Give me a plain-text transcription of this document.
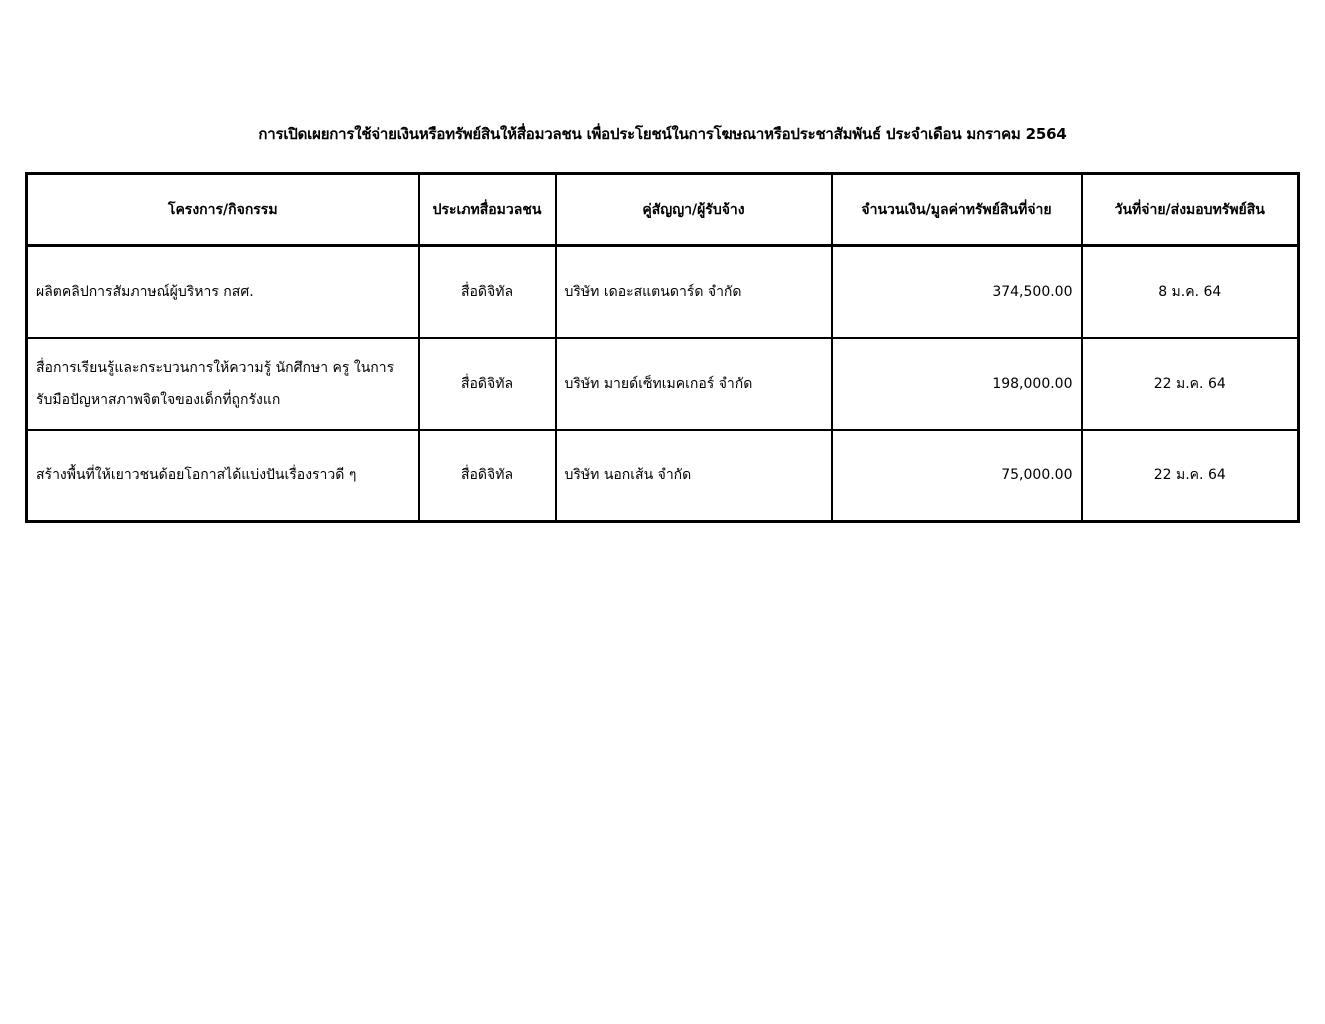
การเปิดเผยการใช้จ่ายเงินหรือทรัพย์สินให้สื่อมวลชน เพื่อประโยชน์ในการโฆษณาหรือประชาสัมพันธ์ ประจำเดือน มกราคม 2564
โครงการ/กิจกรรม	ประเภทสื่อมวลชน	คู่สัญญา/ผู้รับจ้าง	จำนวนเงิน/มูลค่าทรัพย์สินที่จ่าย	วันที่จ่าย/ส่งมอบทรัพย์สิน
ผลิตคลิปการสัมภาษณ์ผู้บริหาร กสศ.	สื่อดิจิทัล	บริษัท เดอะสแตนดาร์ด จำกัด	374,500.00	8 ม.ค. 64
สื่อการเรียนรู้และกระบวนการให้ความรู้ นักศึกษา ครู ในการรับมือปัญหาสภาพจิตใจของเด็กที่ถูกรังแก	สื่อดิจิทัล	บริษัท มายด์เซ็ทเมคเกอร์ จำกัด	198,000.00	22 ม.ค. 64
สร้างพื้นที่ให้เยาวชนด้อยโอกาสได้แบ่งปันเรื่องราวดี ๆ	สื่อดิจิทัล	บริษัท นอกเส้น จำกัด	75,000.00	22 ม.ค. 64
